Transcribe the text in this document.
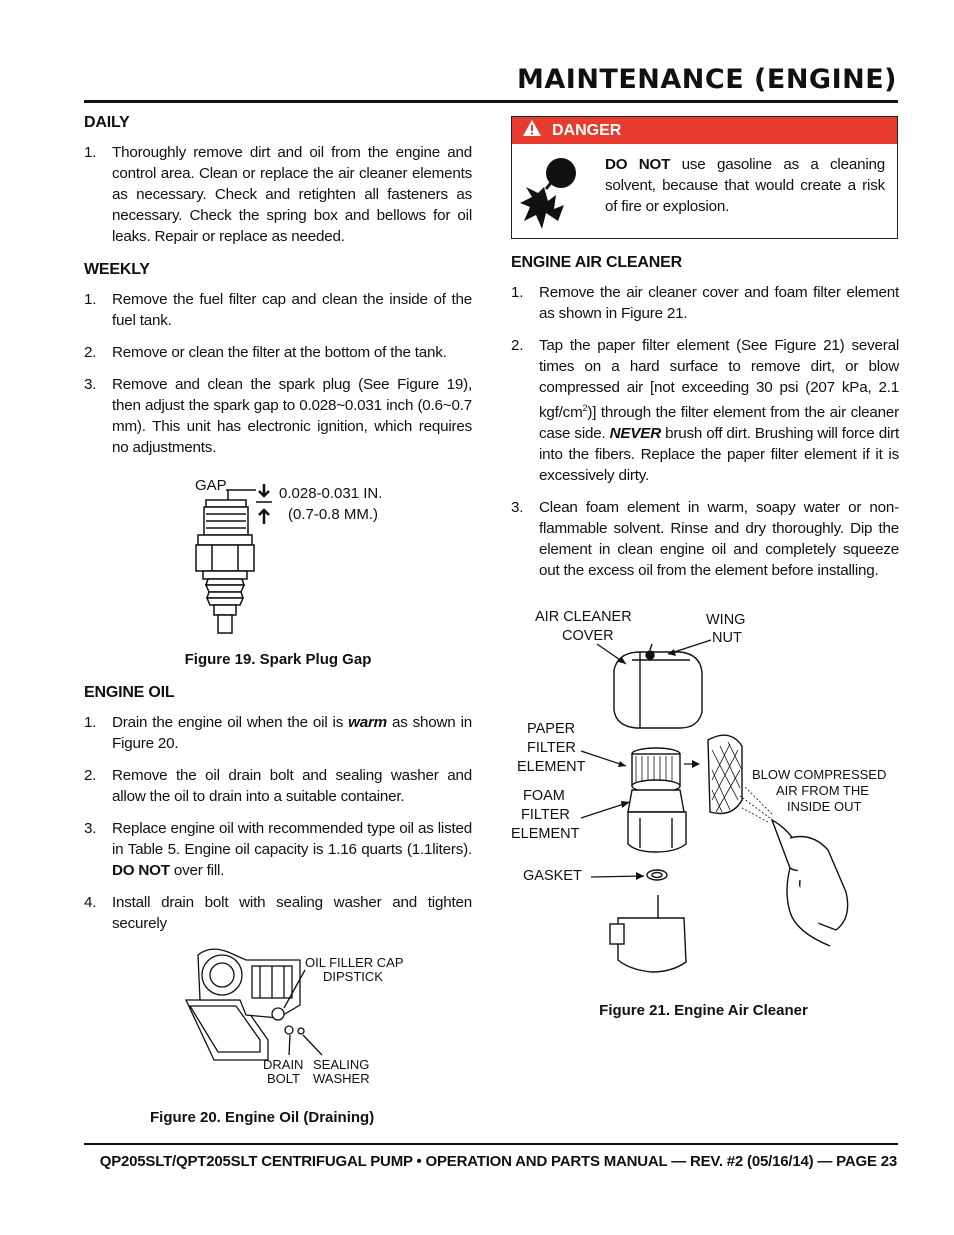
MAINTENANCE (ENGINE)
DAILY
1. Thoroughly remove dirt and oil from the engine and control area. Clean or replace the air cleaner elements as necessary. Check and retighten all fasteners as necessary. Check the spring box and bellows for oil leaks. Repair or replace as needed.
WEEKLY
1. Remove the fuel filter cap and clean the inside of the fuel tank.
2. Remove or clean the filter at the bottom of the tank.
3. Remove and clean the spark plug (See Figure 19), then adjust the spark gap to 0.028~0.031 inch (0.6~0.7 mm). This unit has electronic ignition, which requires no adjustments.
GAP	0.028-0.031 IN.
(0.7-0.8 MM.)

Figure 19. Spark Plug Gap

ENGINE OIL
1. Drain the engine oil when the oil is warm as shown in Figure 20.
2. Remove the oil drain bolt and sealing washer and allow the oil to drain into a suitable container.
3. Replace engine oil with recommended type oil as listed in Table 5. Engine oil capacity is 1.16 quarts (1.1liters). DO NOT over fill.
4. Install drain bolt with sealing washer and tighten securely
OIL FILLER CAP
DIPSTICK
DRAIN
BOLT
SEALING
WASHER

Figure 20. Engine Oil (Draining)

DANGER
DO NOT use gasoline as a cleaning solvent, because that would create a risk of fire or explosion.
ENGINE AIR CLEANER
1. Remove the air cleaner cover and foam filter element as shown in Figure 21.
2. Tap the paper filter element (See Figure 21) several times on a hard surface to remove dirt, or blow compressed air [not exceeding 30 psi (207 kPa, 2.1 kgf/$cm^2$)] through the filter element from the air cleaner case side. NEVER brush off dirt. Brushing will force dirt into the fibers. Replace the paper filter element if it is excessively dirty.
3. Clean foam element in warm, soapy water or non-flammable solvent. Rinse and dry thoroughly. Dip the element in clean engine oil and completely squeeze out the excess oil from the element before installing.
AIR CLEANER
COVER
WING
NUT
PAPER
FILTER
ELEMENT
FOAM
FILTER
ELEMENT
GASKET
BLOW COMPRESSED
AIR FROM THE
INSIDE OUT

Figure 21. Engine Air Cleaner

QP205SLT/QPT205SLT CENTRIFUGAL PUMP • OPERATION AND PARTS MANUAL — REV. #2 (05/16/14) — PAGE 23
